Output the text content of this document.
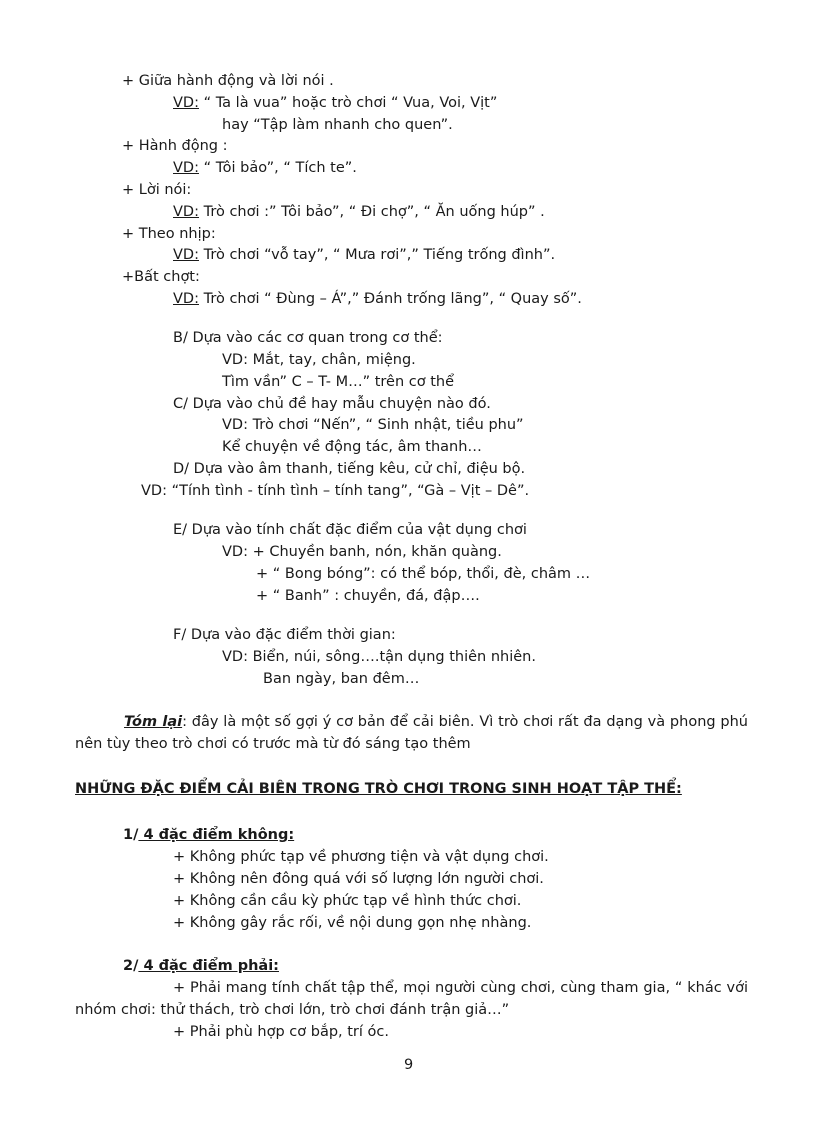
+ Giữa hành động và lời nói .
VD: “ Ta là vua” hoặc trò chơi “ Vua, Voi, Vịt”
hay “Tập làm nhanh cho quen”.
+ Hành động :
VD: “ Tôi bảo”, “ Tích te”.
+ Lời nói:
VD: Trò chơi :” Tôi bảo”, “ Đi chợ”, “ Ăn uống húp” .
+ Theo nhịp:
VD: Trò chơi “vỗ tay”, “ Mưa rơi”,” Tiếng trống đình”.
+Bất chợt:
VD: Trò chơi “ Đùng – Á”,” Đánh trống lãng”, “ Quay số”.
B/ Dựa vào các cơ quan trong cơ thể:
VD: Mắt, tay, chân, miệng.
Tìm vần” C – T- M…” trên cơ thể
C/ Dựa vào chủ đề hay mẫu chuyện nào đó.
VD: Trò chơi “Nến”, “ Sinh nhật, tiều phu”
Kể chuyện về động tác, âm thanh…
D/ Dựa vào âm thanh, tiếng kêu, cử chỉ, điệu bộ.
VD: “Tính tình - tính tình – tính tang”, “Gà – Vịt – Dê”.
E/ Dựa vào tính chất đặc điểm của vật dụng chơi
VD: + Chuyền banh, nón, khăn quàng.
+ “ Bong bóng”: có thể bóp, thổi, đè, châm …
+ “ Banh” : chuyền, đá, đập….
F/ Dựa vào đặc điểm thời gian:
VD: Biển, núi, sông….tận dụng thiên nhiên.
Ban ngày, ban đêm…
Tóm lại: đây là một số gợi ý cơ bản để cải biên. Vì trò chơi rất đa dạng và phong phú nên tùy theo trò chơi có trước mà từ đó sáng tạo thêm
NHỮNG ĐẶC ĐIỂM CẢI BIÊN TRONG TRÒ CHƠI TRONG SINH HOẠT TẬP THỂ:
1/ 4 đặc điểm không:
+ Không phức tạp về phương tiện và vật dụng chơi.
+ Không nên đông quá với số lượng lớn người chơi.
+ Không cần cầu kỳ phức tạp về hình thức chơi.
+ Không gây rắc rối, về nội dung gọn nhẹ nhàng.
2/ 4 đặc điểm phải:
+ Phải mang tính chất tập thể, mọi người cùng chơi, cùng tham gia, “ khác với nhóm chơi: thử thách, trò chơi lớn, trò chơi đánh trận giả…”
+ Phải phù hợp cơ bắp, trí óc.
9
